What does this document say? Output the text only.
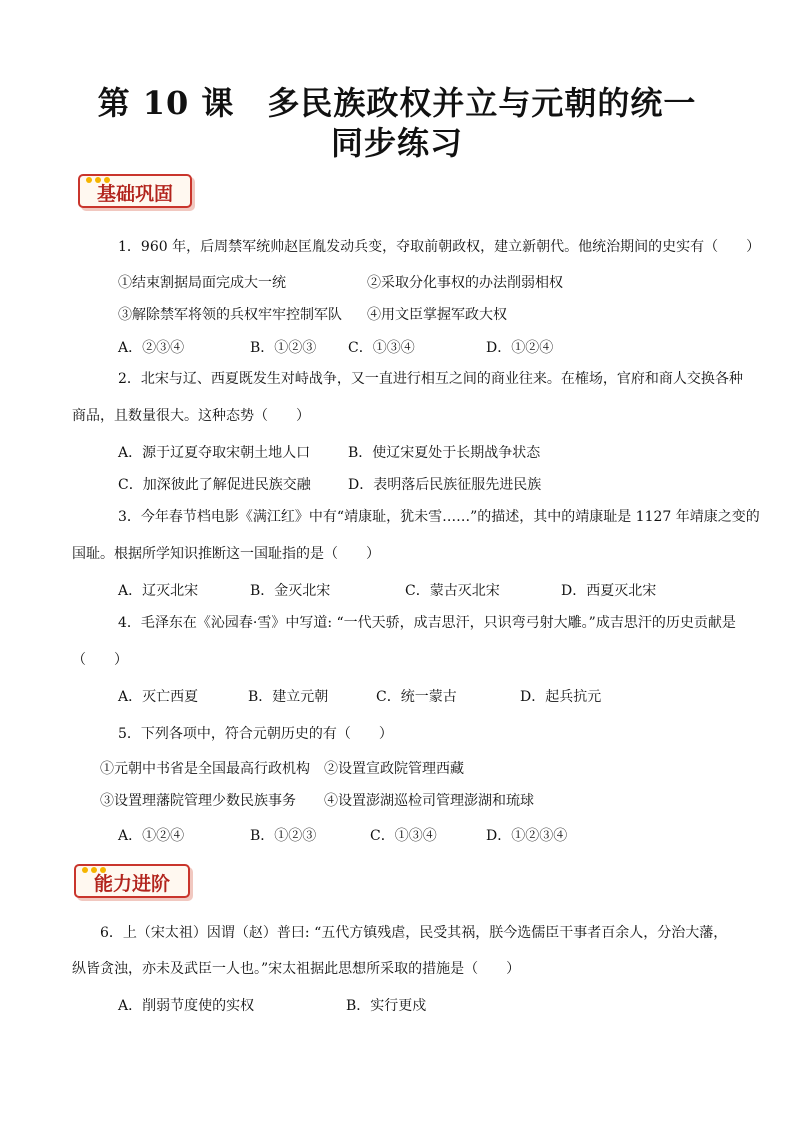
第 10 课　多民族政权并立与元朝的统一
同步练习
基础巩固
1．960 年，后周禁军统帅赵匡胤发动兵变，夺取前朝政权，建立新朝代。他统治期间的史实有（　　）
①结束割据局面完成大一统	②采取分化事权的办法削弱相权
③解除禁军将领的兵权牢牢控制军队 ④用文臣掌握军政大权
A．②③④	B．①②③ C．①③④	D．①②④
2．北宋与辽、西夏既发生对峙战争，又一直进行相互之间的商业往来。在榷场，官府和商人交换各种
商品，且数量很大。这种态势（　　）
A．源于辽夏夺取宋朝土地人口	B．使辽宋夏处于长期战争状态
C．加深彼此了解促进民族交融	D．表明落后民族征服先进民族
3．今年春节档电影《满江红》中有“靖康耻，犹未雪……”的描述，其中的靖康耻是 1127 年靖康之变的
国耻。根据所学知识推断这一国耻指的是（　　）
A．辽灭北宋	B．金灭北宋	C．蒙古灭北宋	D．西夏灭北宋
4．毛泽东在《沁园春·雪》中写道: “一代天骄，成吉思汗，只识弯弓射大雕。”成吉思汗的历史贡献是
（　　）
A．灭亡西夏	B．建立元朝	C．统一蒙古	D．起兵抗元
5．下列各项中，符合元朝历史的有（　　）
①元朝中书省是全国最高行政机构 ②设置宣政院管理西藏
③设置理藩院管理少数民族事务 ④设置澎湖巡检司管理澎湖和琉球
A．①②④	B．①②③	C．①③④	D．①②③④
能力进阶
6．上（宋太祖）因谓（赵）普曰: “五代方镇残虐，民受其祸，朕今选儒臣干事者百余人，分治大藩，
纵皆贪浊，亦未及武臣一人也。”宋太祖据此思想所采取的措施是（　　）
A．削弱节度使的实权	B．实行更戍
